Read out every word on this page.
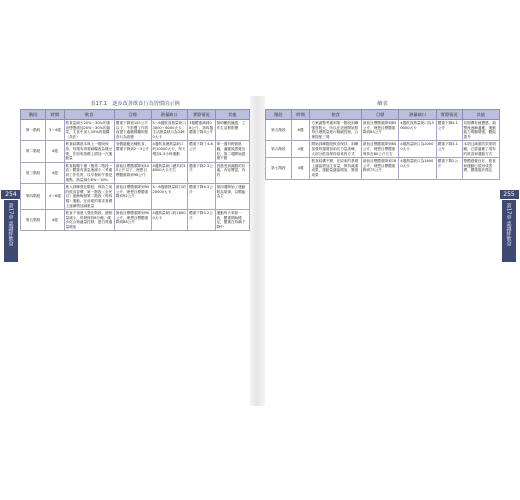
254
第17章 認識絆飲食
255
第17章 認識絆飲食
表17.1　逐步改善飲食行為習慣的示例
階段	時間	飲食	目標	熱量缺口	實際情況	其他
第一階段	3～4週	飲食量減少20%～30%的進食慢慢增加20%～30%的蔬菜，主食中加入30%的粗糧（蒸法）	體重下降到105公斤以下，不影響工作的前提下適應雜糧和飲食行為改變	5～6週飲食熱量缺口3000～6000大卡，生活熱量缺口為3360大卡	3週體重減到08公斤，第四週體重下降3公斤	無明顯飢餓感，工作生活無影響
第二階段	4週	飲食結構基本與上一階段保持，每週有兩餐細糧改為雜豆粥，在原來基礎上增加一次運動量	身體適應這種飲食，體重下降到2～3公斤	4週飲食總熱量缺口約10000大卡，每天增加1.5小時運動	體重下降了4.8公斤	第一週有輕微飢餓，適應後感覺良好，第二週開始感覺不錯
第三階段	4週	飲食粗糧干擾（搬第二階段一致）體重有著急速減少（考慮到工作性質，以早餐和午餐是重點，熱量減少8%～10%	最低目標體重降到100公斤以下，理想目標體重降到98公斤	4週熱量缺口總共約16000大卡左右	體重下降2.3公斤	因感受到減脂的好處，內容豐富，有效
第四階段	4～6週	進入訓練強化階段，保持之前的飲食習慣，第一階段（全民自）逐漸晚餐第二階段（每四週）運動，在前面的要求基礎上逐漸增加減重量	最低目標體重降到95公斤，理想目標體重降到92公斤	4～6週總熱量缺口約20000大卡	體重下降4.3公斤	第四週開始了運動較為規律，以體能為主
第五階段	4週	飲食干預進入強化階段，總熱量減少，每餐保持8分飽，碳水化合物適量控制，蛋白質適量增加	最低目標體重降到90公斤，理想目標體重降到88公斤	4週熱量缺口約18000大卡	體重下降3.2公斤	運動每天來源一致，體重開始穩定，體重在持續下降中
續表
階段	時間	飲食	目標	熱量缺口	實際情況	其他
第五階段	6週	方案調整考慮到第一階段訓練強度較大，所以在這裡開始對每日總熱量進行精細控制，合理搭配三餐	最低目標體重降到85公斤，理想目標體重降到83公斤	4週飲食熱量缺口為30000大卡	體重下降4.1公斤	初期偶有疲憊感，調整後逐漸適應，運動能力明顯增強，體能提升
第六階段	4週	開始訓練階段飲食保持，訓練加強每週增加兩次力量訓練，大部分飲食保持原來的方式	最低目標體重降到80公斤，理想目標體重保持在80公斤左右	4週熱量缺口為20000大卡	體重下降3.1公斤	本項目減重的效果明顯，已經適應了現有的飲食和運動方式
第七階段	4週	飲食結構不變，在原來的基礎上適當增加主食量，保持減重成果，運動量適當增加，鞏固成果	最低目標體重降到78公斤，理想目標體重降到75公斤	4週熱量缺口為16000大卡	體重下降2公斤	整體感覺良好，飲食和運動已經形成習慣，體重趨於穩定
